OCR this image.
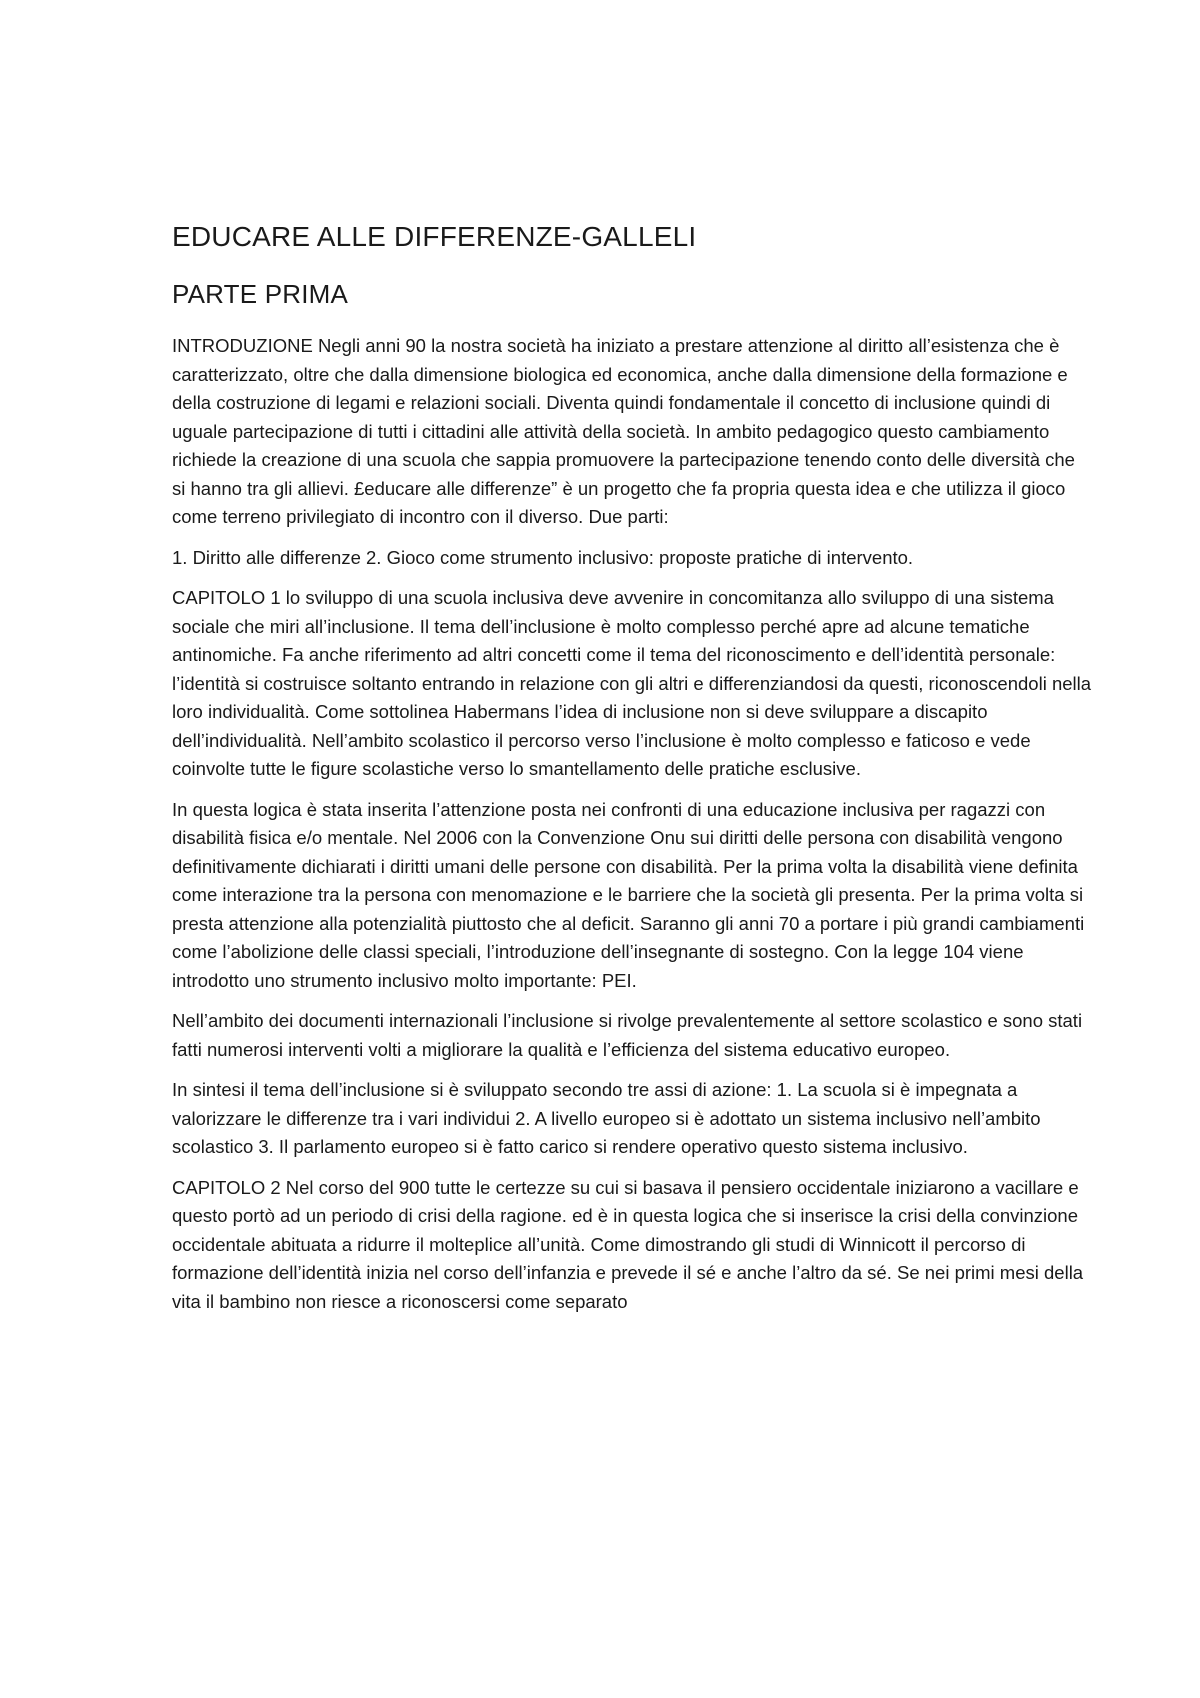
EDUCARE ALLE DIFFERENZE-GALLELI
PARTE PRIMA

INTRODUZIONE Negli anni 90 la nostra società ha iniziato a prestare attenzione al diritto all’esistenza che è caratterizzato, oltre che dalla dimensione biologica ed economica, anche dalla dimensione della formazione e della costruzione di legami e relazioni sociali. Diventa quindi fondamentale il concetto di inclusione quindi di uguale partecipazione di tutti i cittadini alle attività della società. In ambito pedagogico questo cambiamento richiede la creazione di una scuola che sappia promuovere la partecipazione tenendo conto delle diversità che si hanno tra gli allievi. £educare alle differenze” è un progetto che fa propria questa idea e che utilizza il gioco come terreno privilegiato di incontro con il diverso. Due parti:

1. Diritto alle differenze 2. Gioco come strumento inclusivo: proposte pratiche di intervento.

CAPITOLO 1 lo sviluppo di una scuola inclusiva deve avvenire in concomitanza allo sviluppo di una sistema sociale che miri all’inclusione. Il tema dell’inclusione è molto complesso perché apre ad alcune tematiche antinomiche. Fa anche riferimento ad altri concetti come il tema del riconoscimento e dell’identità personale: l’identità si costruisce soltanto entrando in relazione con gli altri e differenziandosi da questi, riconoscendoli nella loro individualità. Come sottolinea Habermans l’idea di inclusione non si deve sviluppare a discapito dell’individualità. Nell’ambito scolastico il percorso verso l’inclusione è molto complesso e faticoso e vede coinvolte tutte le figure scolastiche verso lo smantellamento delle pratiche esclusive.

In questa logica è stata inserita l’attenzione posta nei confronti di una educazione inclusiva per ragazzi con disabilità fisica e/o mentale. Nel 2006 con la Convenzione Onu sui diritti delle persona con disabilità vengono definitivamente dichiarati i diritti umani delle persone con disabilità. Per la prima volta la disabilità viene definita come interazione tra la persona con menomazione e le barriere che la società gli presenta. Per la prima volta si presta attenzione alla potenzialità piuttosto che al deficit. Saranno gli anni 70 a portare i più grandi cambiamenti come l’abolizione delle classi speciali, l’introduzione dell’insegnante di sostegno. Con la legge 104 viene introdotto uno strumento inclusivo molto importante: PEI.

Nell’ambito dei documenti internazionali l’inclusione si rivolge prevalentemente al settore scolastico e sono stati fatti numerosi interventi volti a migliorare la qualità e l’efficienza del sistema educativo europeo.

In sintesi il tema dell’inclusione si è sviluppato secondo tre assi di azione: 1. La scuola si è impegnata a valorizzare le differenze tra i vari individui 2. A livello europeo si è adottato un sistema inclusivo nell’ambito scolastico 3. Il parlamento europeo si è fatto carico si rendere operativo questo sistema inclusivo.

CAPITOLO 2 Nel corso del 900 tutte le certezze su cui si basava il pensiero occidentale iniziarono a vacillare e questo portò ad un periodo di crisi della ragione. ed è in questa logica che si inserisce la crisi della convinzione occidentale abituata a ridurre il molteplice all’unità. Come dimostrando gli studi di Winnicott il percorso di formazione dell’identità inizia nel corso dell’infanzia e prevede il sé e anche l’altro da sé. Se nei primi mesi della vita il bambino non riesce a riconoscersi come separato
